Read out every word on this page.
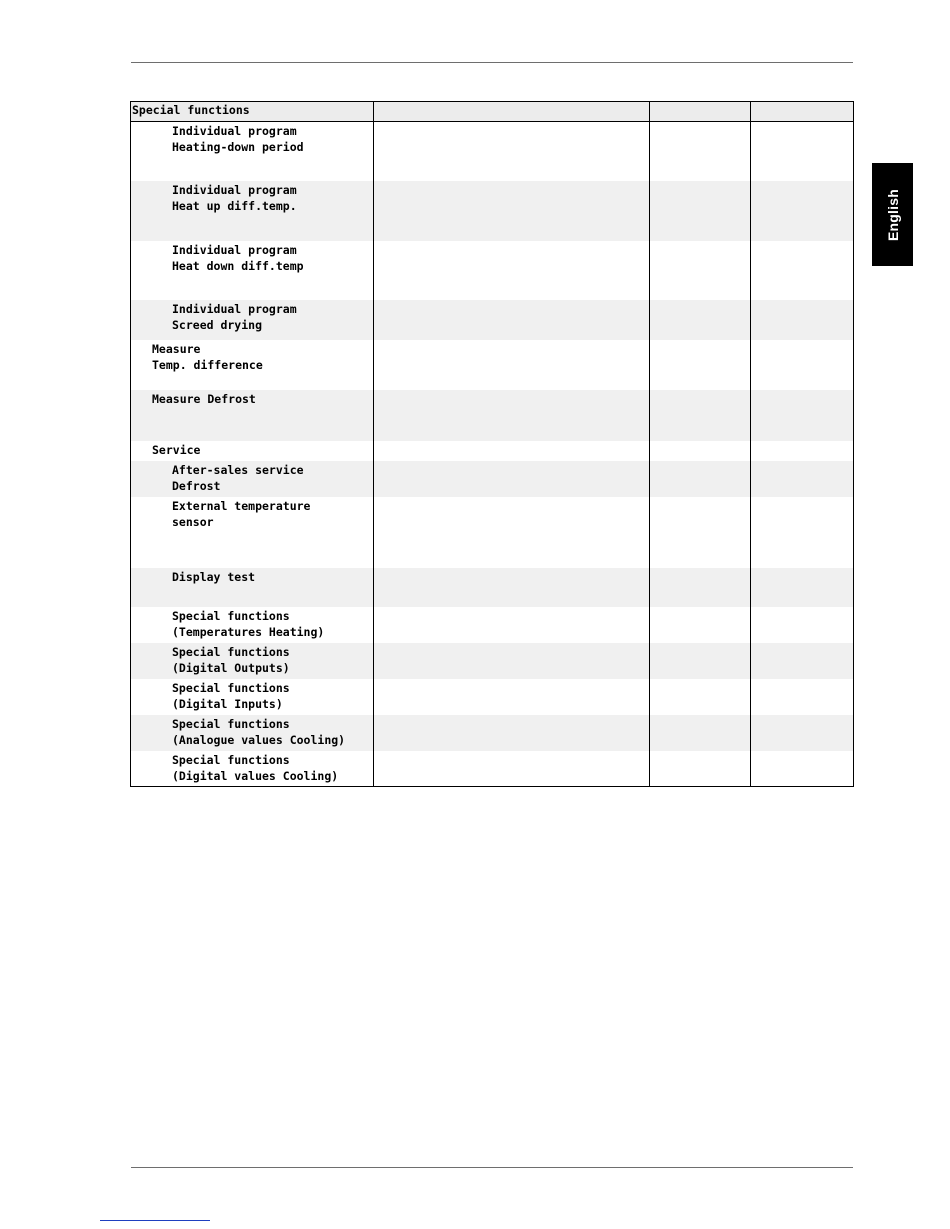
English
Special functions			

Individual program
Heating-down period			

Individual program
Heat up diff.temp.			

Individual program
Heat down diff.temp			

Individual program
Screed drying			

Measure
Temp. difference			

Measure Defrost			

Service			

After-sales service
Defrost			

External temperature
sensor			

Display test			

Special functions
(Temperatures Heating)			

Special functions
(Digital Outputs)			

Special functions
(Digital Inputs)			

Special functions
(Analogue values Cooling)			

Special functions
(Digital values Cooling)			
